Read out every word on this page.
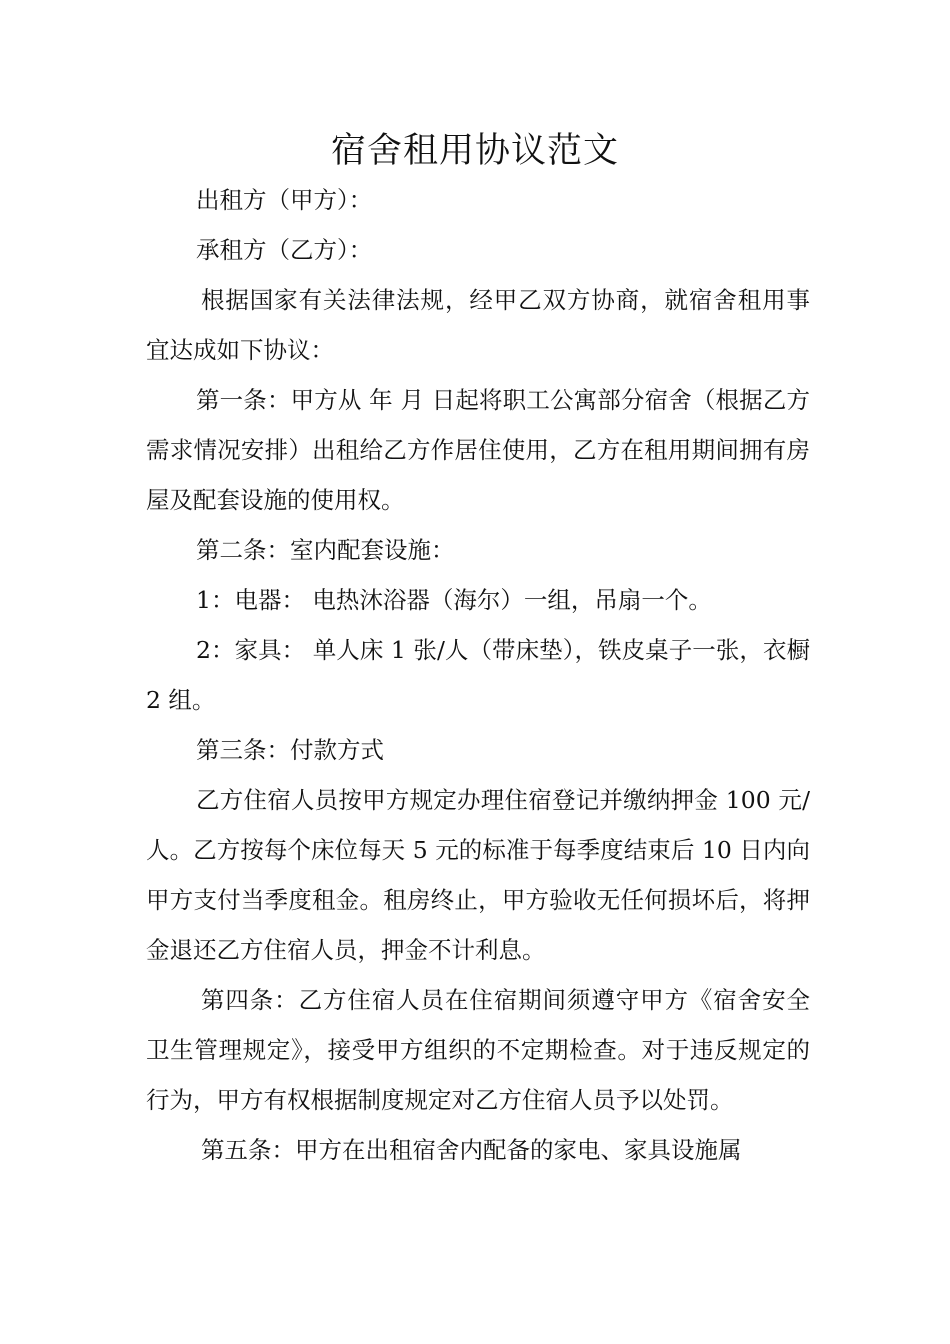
宿舍租用协议范文

出租方（甲方）：

承租方（乙方）：

根据国家有关法律法规，经甲乙双方协商，就宿舍租用事宜达成如下协议：

第一条：甲方从 年 月 日起将职工公寓部分宿舍（根据乙方需求情况安排）出租给乙方作居住使用，乙方在租用期间拥有房屋及配套设施的使用权。

第二条：室内配套设施：

1：电器： 电热沐浴器（海尔）一组，吊扇一个。

2：家具： 单人床 1 张/人（带床垫），铁皮桌子一张，衣橱 2 组。

第三条：付款方式

乙方住宿人员按甲方规定办理住宿登记并缴纳押金 100 元/人。乙方按每个床位每天 5 元的标准于每季度结束后 10 日内向甲方支付当季度租金。租房终止，甲方验收无任何损坏后，将押金退还乙方住宿人员，押金不计利息。

第四条：乙方住宿人员在住宿期间须遵守甲方《宿舍安全卫生管理规定》，接受甲方组织的不定期检查。对于违反规定的行为，甲方有权根据制度规定对乙方住宿人员予以处罚。

第五条：甲方在出租宿舍内配备的家电、家具设施属
